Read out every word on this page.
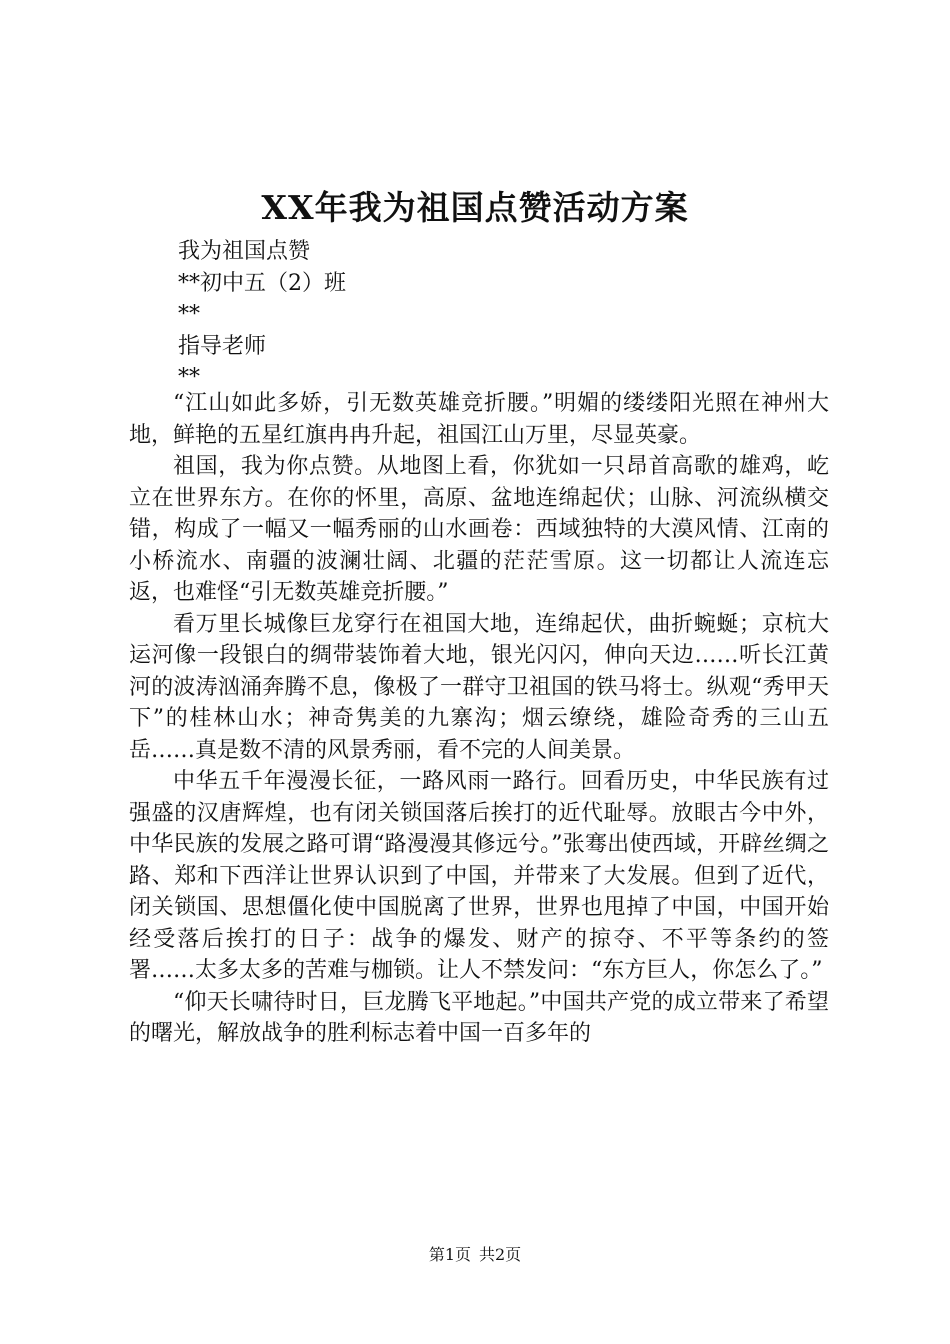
XX年我为祖国点赞活动方案
我为祖国点赞
**初中五（2）班
**
指导老师
**

“江山如此多娇，引无数英雄竞折腰。”明媚的缕缕阳光照在神州大地，鲜艳的五星红旗冉冉升起，祖国江山万里，尽显英豪。

祖国，我为你点赞。从地图上看，你犹如一只昂首高歌的雄鸡，屹立在世界东方。在你的怀里，高原、盆地连绵起伏；山脉、河流纵横交错，构成了一幅又一幅秀丽的山水画卷：西域独特的大漠风情、江南的小桥流水、南疆的波澜壮阔、北疆的茫茫雪原。这一切都让人流连忘返，也难怪“引无数英雄竞折腰。”

看万里长城像巨龙穿行在祖国大地，连绵起伏，曲折蜿蜒；京杭大运河像一段银白的绸带装饰着大地，银光闪闪，伸向天边……听长江黄河的波涛汹涌奔腾不息，像极了一群守卫祖国的铁马将士。纵观“秀甲天下”的桂林山水；神奇隽美的九寨沟；烟云缭绕，雄险奇秀的三山五岳……真是数不清的风景秀丽，看不完的人间美景。

中华五千年漫漫长征，一路风雨一路行。回看历史，中华民族有过强盛的汉唐辉煌，也有闭关锁国落后挨打的近代耻辱。放眼古今中外，中华民族的发展之路可谓“路漫漫其修远兮。”张骞出使西域，开辟丝绸之路、郑和下西洋让世界认识到了中国，并带来了大发展。但到了近代，闭关锁国、思想僵化使中国脱离了世界，世界也甩掉了中国，中国开始经受落后挨打的日子：战争的爆发、财产的掠夺、不平等条约的签署……太多太多的苦难与枷锁。让人不禁发问：“东方巨人，你怎么了。”

“仰天长啸待时日，巨龙腾飞平地起。”中国共产党的成立带来了希望的曙光，解放战争的胜利标志着中国一百多年的

第1页 共2页
